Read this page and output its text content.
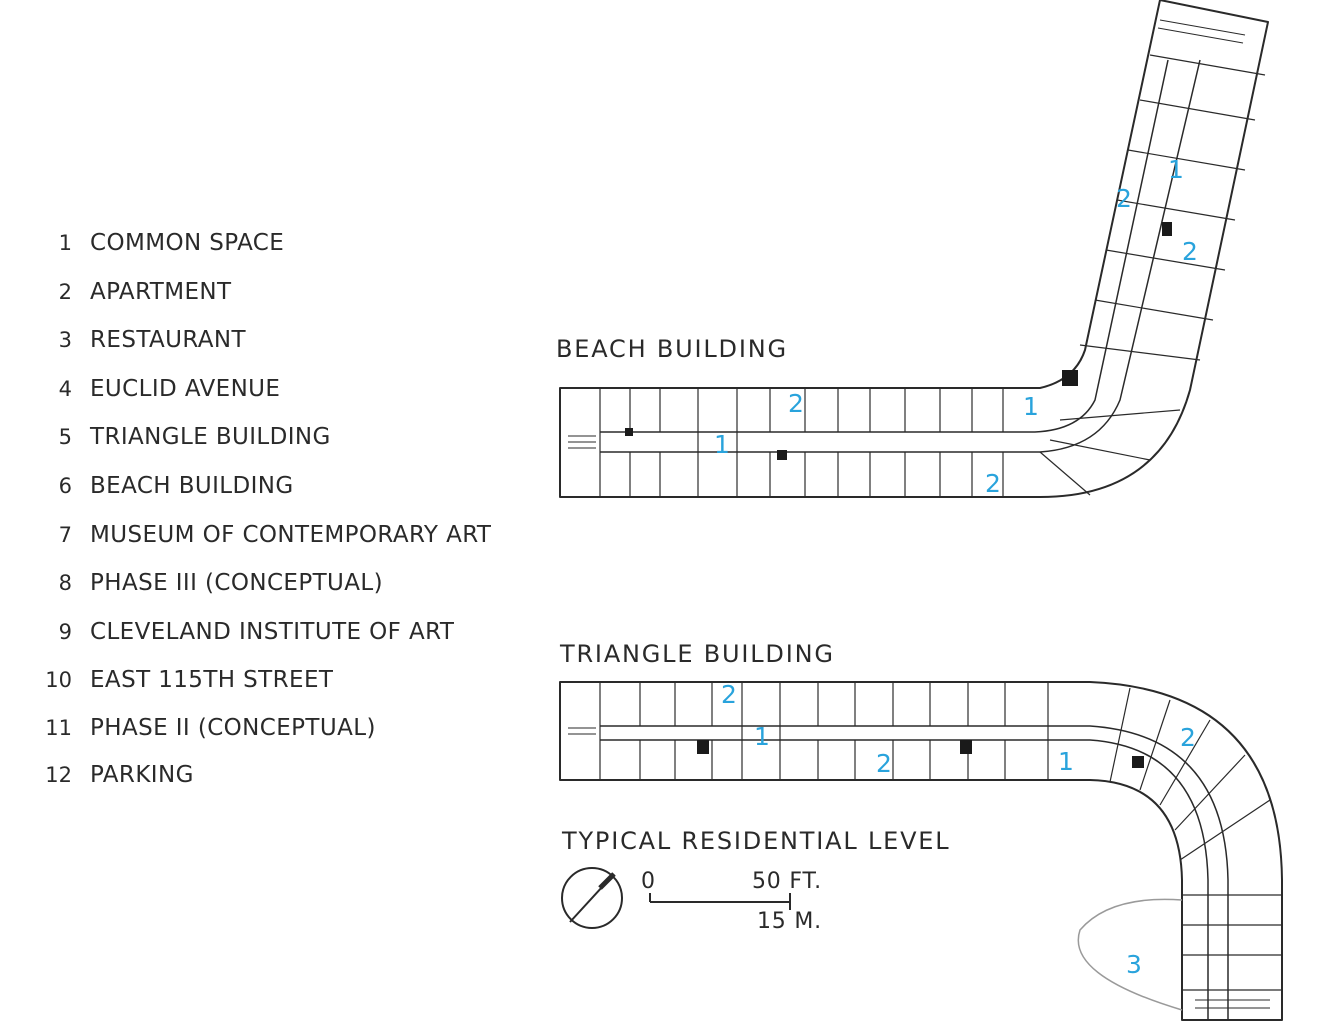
1
2
2
1
2
1
2
2
1
2	1
2
3
0	50 FT.
15 M.
BEACH BUILDING
TRIANGLE BUILDING
TYPICAL RESIDENTIAL LEVEL
1 COMMON SPACE
2 APARTMENT
3 RESTAURANT
4 EUCLID AVENUE
5 TRIANGLE BUILDING
6 BEACH BUILDING
7 MUSEUM OF CONTEMPORARY ART
8 PHASE III (CONCEPTUAL)
9 CLEVELAND INSTITUTE OF ART
10 EAST 115TH STREET
11 PHASE II (CONCEPTUAL)
12 PARKING
